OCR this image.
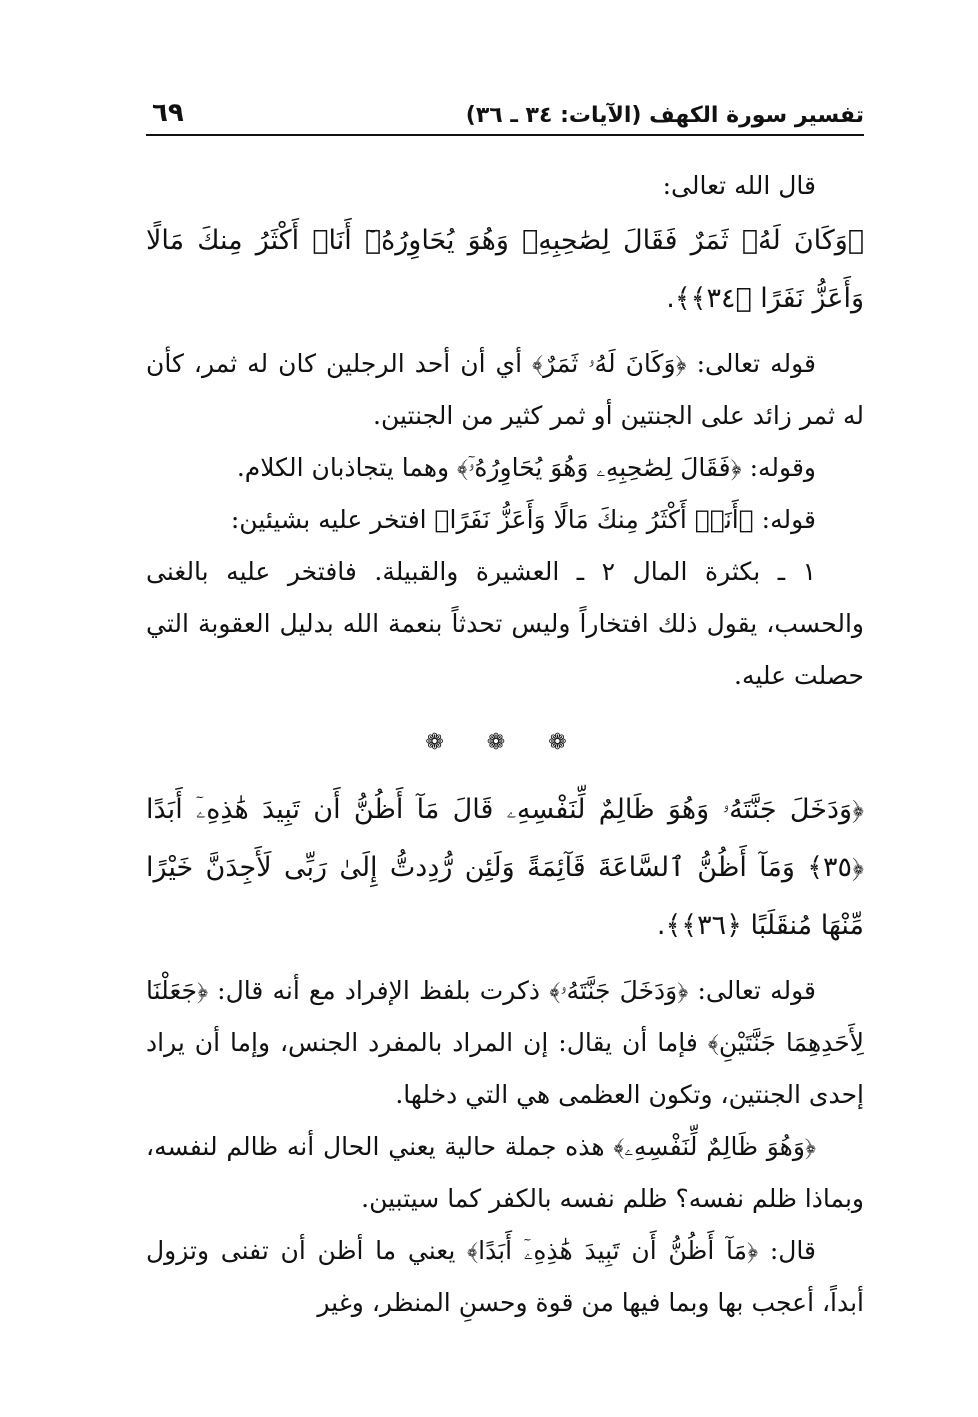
تفسير سورة الكهف (الآيات: ٣٤ ـ ٣٦)
٦٩

قال الله تعالى:

﴿وَكَانَ لَهُۥ ثَمَرٌ فَقَالَ لِصَٰحِبِهِۦ وَهُوَ يُحَاوِرُهُۥٓ أَنَا۠ أَكْثَرُ مِنكَ مَالًا وَأَعَزُّ نَفَرًا ﴿٣٤﴾﴾.

قوله تعالى: ﴿وَكَانَ لَهُۥ ثَمَرٌ﴾ أي أن أحد الرجلين كان له ثمر، كأن له ثمر زائد على الجنتين أو ثمر كثير من الجنتين.

وقوله: ﴿فَقَالَ لِصَٰحِبِهِۦ وَهُوَ يُحَاوِرُهُۥٓ﴾ وهما يتجاذبان الكلام.

قوله: ﴿أَنَا۠ أَكْثَرُ مِنكَ مَالًا وَأَعَزُّ نَفَرًا﴾ افتخر عليه بشيئين:

١ ـ بكثرة المال ٢ ـ العشيرة والقبيلة. فافتخر عليه بالغنى والحسب، يقول ذلك افتخاراً وليس تحدثاً بنعمة الله بدليل العقوبة التي حصلت عليه.

❁ ❁ ❁

﴿وَدَخَلَ جَنَّتَهُۥ وَهُوَ ظَالِمٌ لِّنَفْسِهِۦ قَالَ مَآ أَظُنُّ أَن تَبِيدَ هَٰذِهِۦٓ أَبَدًا ﴿٣٥﴾ وَمَآ أَظُنُّ ٱلسَّاعَةَ قَآئِمَةً وَلَئِن رُّدِدتُّ إِلَىٰ رَبِّى لَأَجِدَنَّ خَيْرًا مِّنْهَا مُنقَلَبًا ﴿٣٦﴾﴾.

قوله تعالى: ﴿وَدَخَلَ جَنَّتَهُۥ﴾ ذكرت بلفظ الإفراد مع أنه قال: ﴿جَعَلْنَا لِأَحَدِهِمَا جَنَّتَيْنِ﴾ فإما أن يقال: إن المراد بالمفرد الجنس، وإما أن يراد إحدى الجنتين، وتكون العظمى هي التي دخلها.

﴿وَهُوَ ظَالِمٌ لِّنَفْسِهِۦ﴾ هذه جملة حالية يعني الحال أنه ظالم لنفسه، وبماذا ظلم نفسه؟ ظلم نفسه بالكفر كما سيتبين.

قال: ﴿مَآ أَظُنُّ أَن تَبِيدَ هَٰذِهِۦٓ أَبَدًا﴾ يعني ما أظن أن تفنى وتزول أبداً، أعجب بها وبما فيها من قوة وحسنِ المنظر، وغير
